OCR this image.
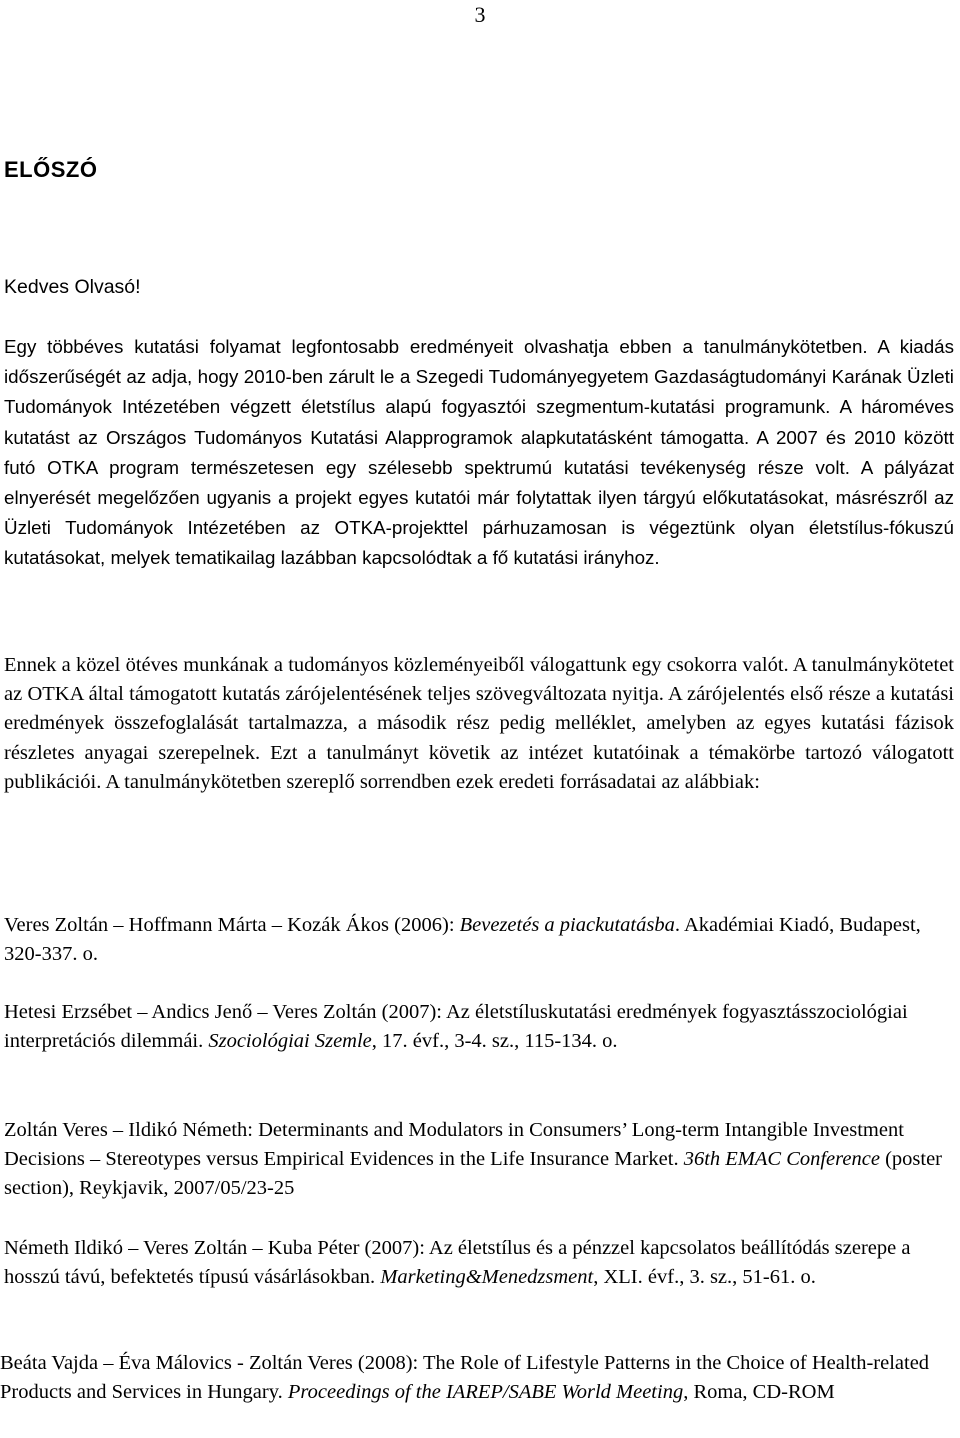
3
ELŐSZÓ
Kedves Olvasó!

Egy többéves kutatási folyamat legfontosabb eredményeit olvashatja ebben a tanulmánykötetben. A kiadás időszerűségét az adja, hogy 2010-ben zárult le a Szegedi Tudományegyetem Gazdaságtudományi Karának Üzleti Tudományok Intézetében végzett életstílus alapú fogyasztói szegmentum-kutatási programunk. A hároméves kutatást az Országos Tudományos Kutatási Alapprogramok alapkutatásként támogatta. A 2007 és 2010 között futó OTKA program természetesen egy szélesebb spektrumú kutatási tevékenység része volt. A pályázat elnyerését megelőzően ugyanis a projekt egyes kutatói már folytattak ilyen tárgyú előkutatásokat, másrészről az Üzleti Tudományok Intézetében az OTKA-projekttel párhuzamosan is végeztünk olyan életstílus-fókuszú kutatásokat, melyek tematikailag lazábban kapcsolódtak a fő kutatási irányhoz.

Ennek a közel ötéves munkának a tudományos közleményeiből válogattunk egy csokorra valót. A tanulmánykötetet az OTKA által támogatott kutatás zárójelentésének teljes szövegváltozata nyitja. A zárójelentés első része a kutatási eredmények összefoglalását tartalmazza, a második rész pedig melléklet, amelyben az egyes kutatási fázisok részletes anyagai szerepelnek. Ezt a tanulmányt követik az intézet kutatóinak a témakörbe tartozó válogatott publikációi. A tanulmánykötetben szereplő sorrendben ezek eredeti forrásadatai az alábbiak:

Veres Zoltán – Hoffmann Márta – Kozák Ákos (2006): Bevezetés a piackutatásba. Akadémiai Kiadó, Budapest, 320-337. o.

Hetesi Erzsébet – Andics Jenő – Veres Zoltán (2007): Az életstíluskutatási eredmények fogyasztásszociológiai interpretációs dilemmái. Szociológiai Szemle, 17. évf., 3-4. sz., 115-134. o.

Zoltán Veres – Ildikó Németh: Determinants and Modulators in Consumers’ Long-term Intangible Investment Decisions – Stereotypes versus Empirical Evidences in the Life Insurance Market. 36th EMAC Conference (poster section), Reykjavik, 2007/05/23-25

Németh Ildikó – Veres Zoltán – Kuba Péter (2007): Az életstílus és a pénzzel kapcsolatos beállítódás szerepe a hosszú távú, befektetés típusú vásárlásokban. Marketing&Menedzsment, XLI. évf., 3. sz., 51-61. o.

Beáta Vajda – Éva Málovics - Zoltán Veres (2008): The Role of Lifestyle Patterns in the Choice of Health-related Products and Services in Hungary. Proceedings of the IAREP/SABE World Meeting, Roma, CD-ROM
